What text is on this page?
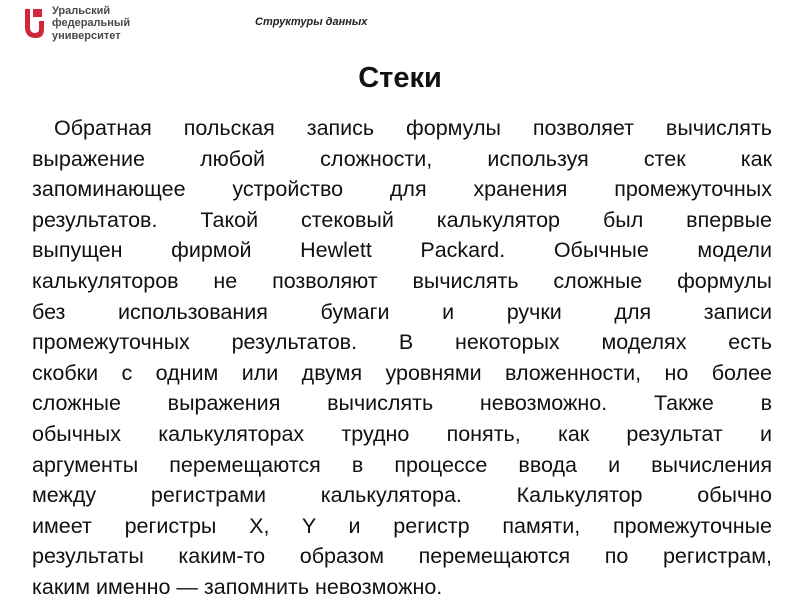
Уральский
федеральный
университет
Структуры данных
Стеки
Обратная польская запись формулы позволяет вычислять
выражение любой сложности, используя стек как
запоминающее устройство для хранения промежуточных
результатов. Такой стековый калькулятор был впервые
выпущен фирмой Hewlett Packard. Обычные модели
калькуляторов не позволяют вычислять сложные формулы
без использования бумаги и ручки для записи
промежуточных результатов. В некоторых моделях есть
скобки с одним или двумя уровнями вложенности, но более
сложные выражения вычислять невозможно. Также в
обычных калькуляторах трудно понять, как результат и
аргументы перемещаются в процессе ввода и вычисления
между регистрами калькулятора. Калькулятор обычно
имеет регистры X, Y и регистр памяти, промежуточные
результаты каким-то образом перемещаются по регистрам,
каким именно — запомнить невозможно.
